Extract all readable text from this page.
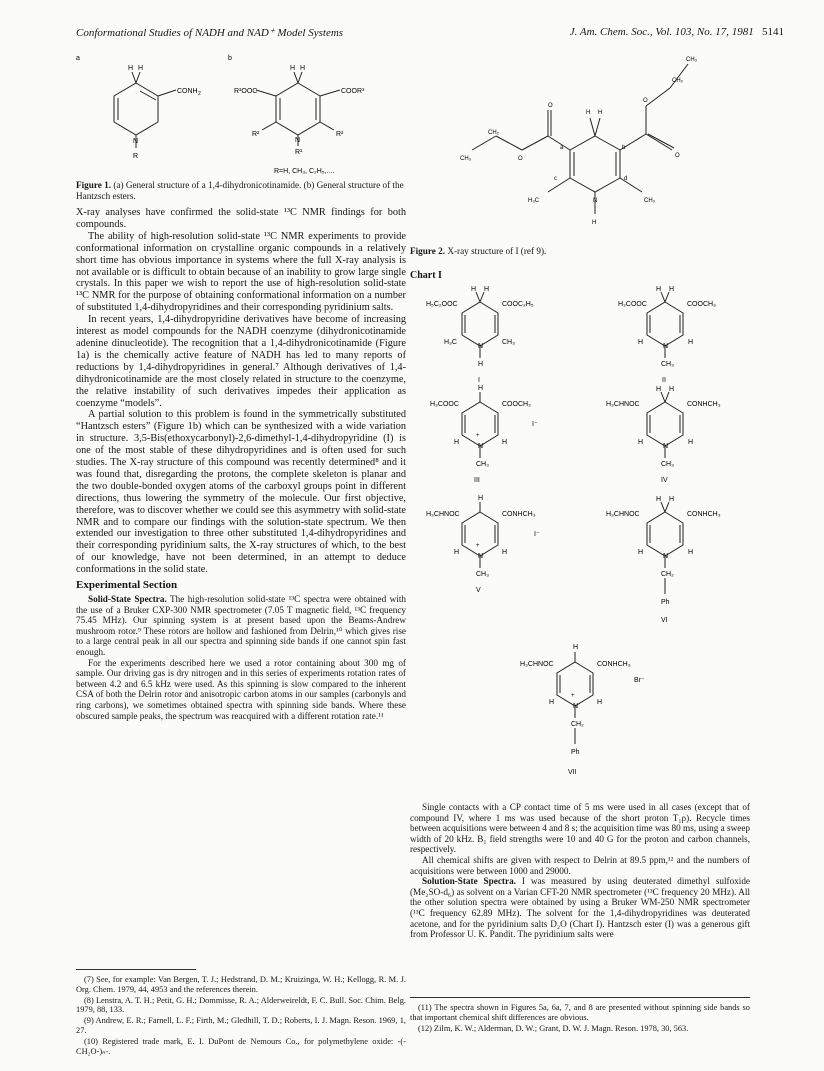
Conformational Studies of NADH and NAD⁺ Model Systems	J. Am. Chem. Soc., Vol. 103, No. 17, 1981 5141
a	b
H H
CONH 2
N
R
H H
R³OOC	COOR³
R²	R²
N
R¹
R=H, CH₃, C₂H₅,....
Figure 1. (a) General structure of a 1,4-dihydronicotinamide. (b) General structure of the Hantzsch esters.
O
O
O
O
H H
CH₂
CH₃
CH₂
CH₃
a	b
c	d
H₃C	CH₃
N
H
Figure 2. X-ray structure of I (ref 9).
Chart I
H₅C₂OOC	COOC₂H₅
H H
H₃C	CH₃
N
H
I
H₃COOC	COOCH₃
H H
H	H
N
CH₃
II
H₃COOC	COOCH₃
H
I⁻
H	H
+
N
CH₃
III
H₃CHNOC	CONHCH₃
H H
H	H
N
CH₃
IV
H₃CHNOC	CONHCH₃
H
I⁻
H	H
+
N
CH₃
V
H₃CHNOC	CONHCH₃
H H
H	H
N
CH₂
Ph
VI
H₃CHNOC	CONHCH₃
H
Br⁻
H	H
+
N
CH₂
Ph
VII

X-ray analyses have confirmed the solid-state ¹³C NMR findings for both compounds.

The ability of high-resolution solid-state ¹³C NMR experiments to provide conformational information on crystalline organic compounds in a relatively short time has obvious importance in systems where the full X-ray analysis is not available or is difficult to obtain because of an inability to grow large single crystals. In this paper we wish to report the use of high-resolution solid-state ¹³C NMR for the purpose of obtaining conformational information on a number of substituted 1,4-dihydropyridines and their corresponding pyridinium salts.

In recent years, 1,4-dihydropyridine derivatives have become of increasing interest as model compounds for the NADH coenzyme (dihydronicotinamide adenine dinucleotide). The recognition that a 1,4-dihydronicotinamide (Figure 1a) is the chemically active feature of NADH has led to many reports of reductions by 1,4-dihydropyridines in general.⁷ Although derivatives of 1,4-dihydronicotinamide are the most closely related in structure to the coenzyme, the relative instability of such derivatives impedes their application as coenzyme “models”.

A partial solution to this problem is found in the symmetrically substituted “Hantzsch esters” (Figure 1b) which can be synthesized with a wide variation in structure. 3,5-Bis(ethoxycarbonyl)-2,6-dimethyl-1,4-dihydropyridine (I) is one of the most stable of these dihydropyridines and is often used for such studies. The X-ray structure of this compound was recently determined⁸ and it was found that, disregarding the protons, the complete skeleton is planar and the two double-bonded oxygen atoms of the carboxyl groups point in different directions, thus lowering the symmetry of the molecule. Our first objective, therefore, was to discover whether we could see this asymmetry with solid-state NMR and to compare our findings with the solution-state spectrum. We then extended our investigation to three other substituted 1,4-dihydropyridines and their corresponding pyridinium salts, the X-ray structures of which, to the best of our knowledge, have not been determined, in an attempt to deduce conformations in the solid state.

Experimental Section

Solid-State Spectra. The high-resolution solid-state ¹³C spectra were obtained with the use of a Bruker CXP-300 NMR spectrometer (7.05 T magnetic field, ¹³C frequency 75.45 MHz). Our spinning system is at present based upon the Beams-Andrew mushroom rotor.⁹ These rotors are hollow and fashioned from Delrin,¹⁰ which gives rise to a large central peak in all our spectra and spinning side bands if one cannot spin fast enough.

For the experiments described here we used a rotor containing about 300 mg of sample. Our driving gas is dry nitrogen and in this series of experiments rotation rates of between 4.2 and 6.5 kHz were used. As this spinning is slow compared to the inherent CSA of both the Delrin rotor and anisotropic carbon atoms in our samples (carbonyls and ring carbons), we sometimes obtained spectra with spinning side bands. Where these obscured sample peaks, the spectrum was reacquired with a different rotation rate.¹¹

(7) See, for example: Van Bergen, T. J.; Hedstrand, D. M.; Kruizinga, W. H.; Kellogg, R. M. J. Org. Chem. 1979, 44, 4953 and the references therein.

(8) Lenstra, A. T. H.; Petit, G. H.; Dommisse, R. A.; Alderweireldt, F. C. Bull. Soc. Chim. Belg. 1979, 88, 133.

(9) Andrew, E. R.; Farnell, L. F.; Firth, M.; Gledhill, T. D.; Roberts, I. J. Magn. Reson. 1969, 1, 27.

(10) Registered trade mark, E. I. DuPont de Nemours Co., for polymethylene oxide: -(-CH₂O-)ₙ-.

Single contacts with a CP contact time of 5 ms were used in all cases (except that of compound IV, where 1 ms was used because of the short proton T₁ρ). Recycle times between acquisitions were between 4 and 8 s; the acquisition time was 80 ms, using a sweep width of 20 kHz. B₁ field strengths were 10 and 40 G for the proton and carbon channels, respectively.

All chemical shifts are given with respect to Delrin at 89.5 ppm,¹² and the numbers of acquisitions were between 1000 and 29000.

Solution-State Spectra. I was measured by using deuterated dimethyl sulfoxide (Me₂SO-d₆) as solvent on a Varian CFT-20 NMR spectrometer (¹³C frequency 20 MHz). All the other solution spectra were obtained by using a Bruker WM-250 NMR spectrometer (¹³C frequency 62.89 MHz). The solvent for the 1,4-dihydropyridines was deuterated acetone, and for the pyridinium salts D₂O (Chart I). Hantzsch ester (I) was a generous gift from Professor U. K. Pandit. The pyridinium salts were

(11) The spectra shown in Figures 5a, 6a, 7, and 8 are presented without spinning side bands so that important chemical shift differences are obvious.

(12) Zilm, K. W.; Alderman, D. W.; Grant, D. W. J. Magn. Reson. 1978, 30, 563.
